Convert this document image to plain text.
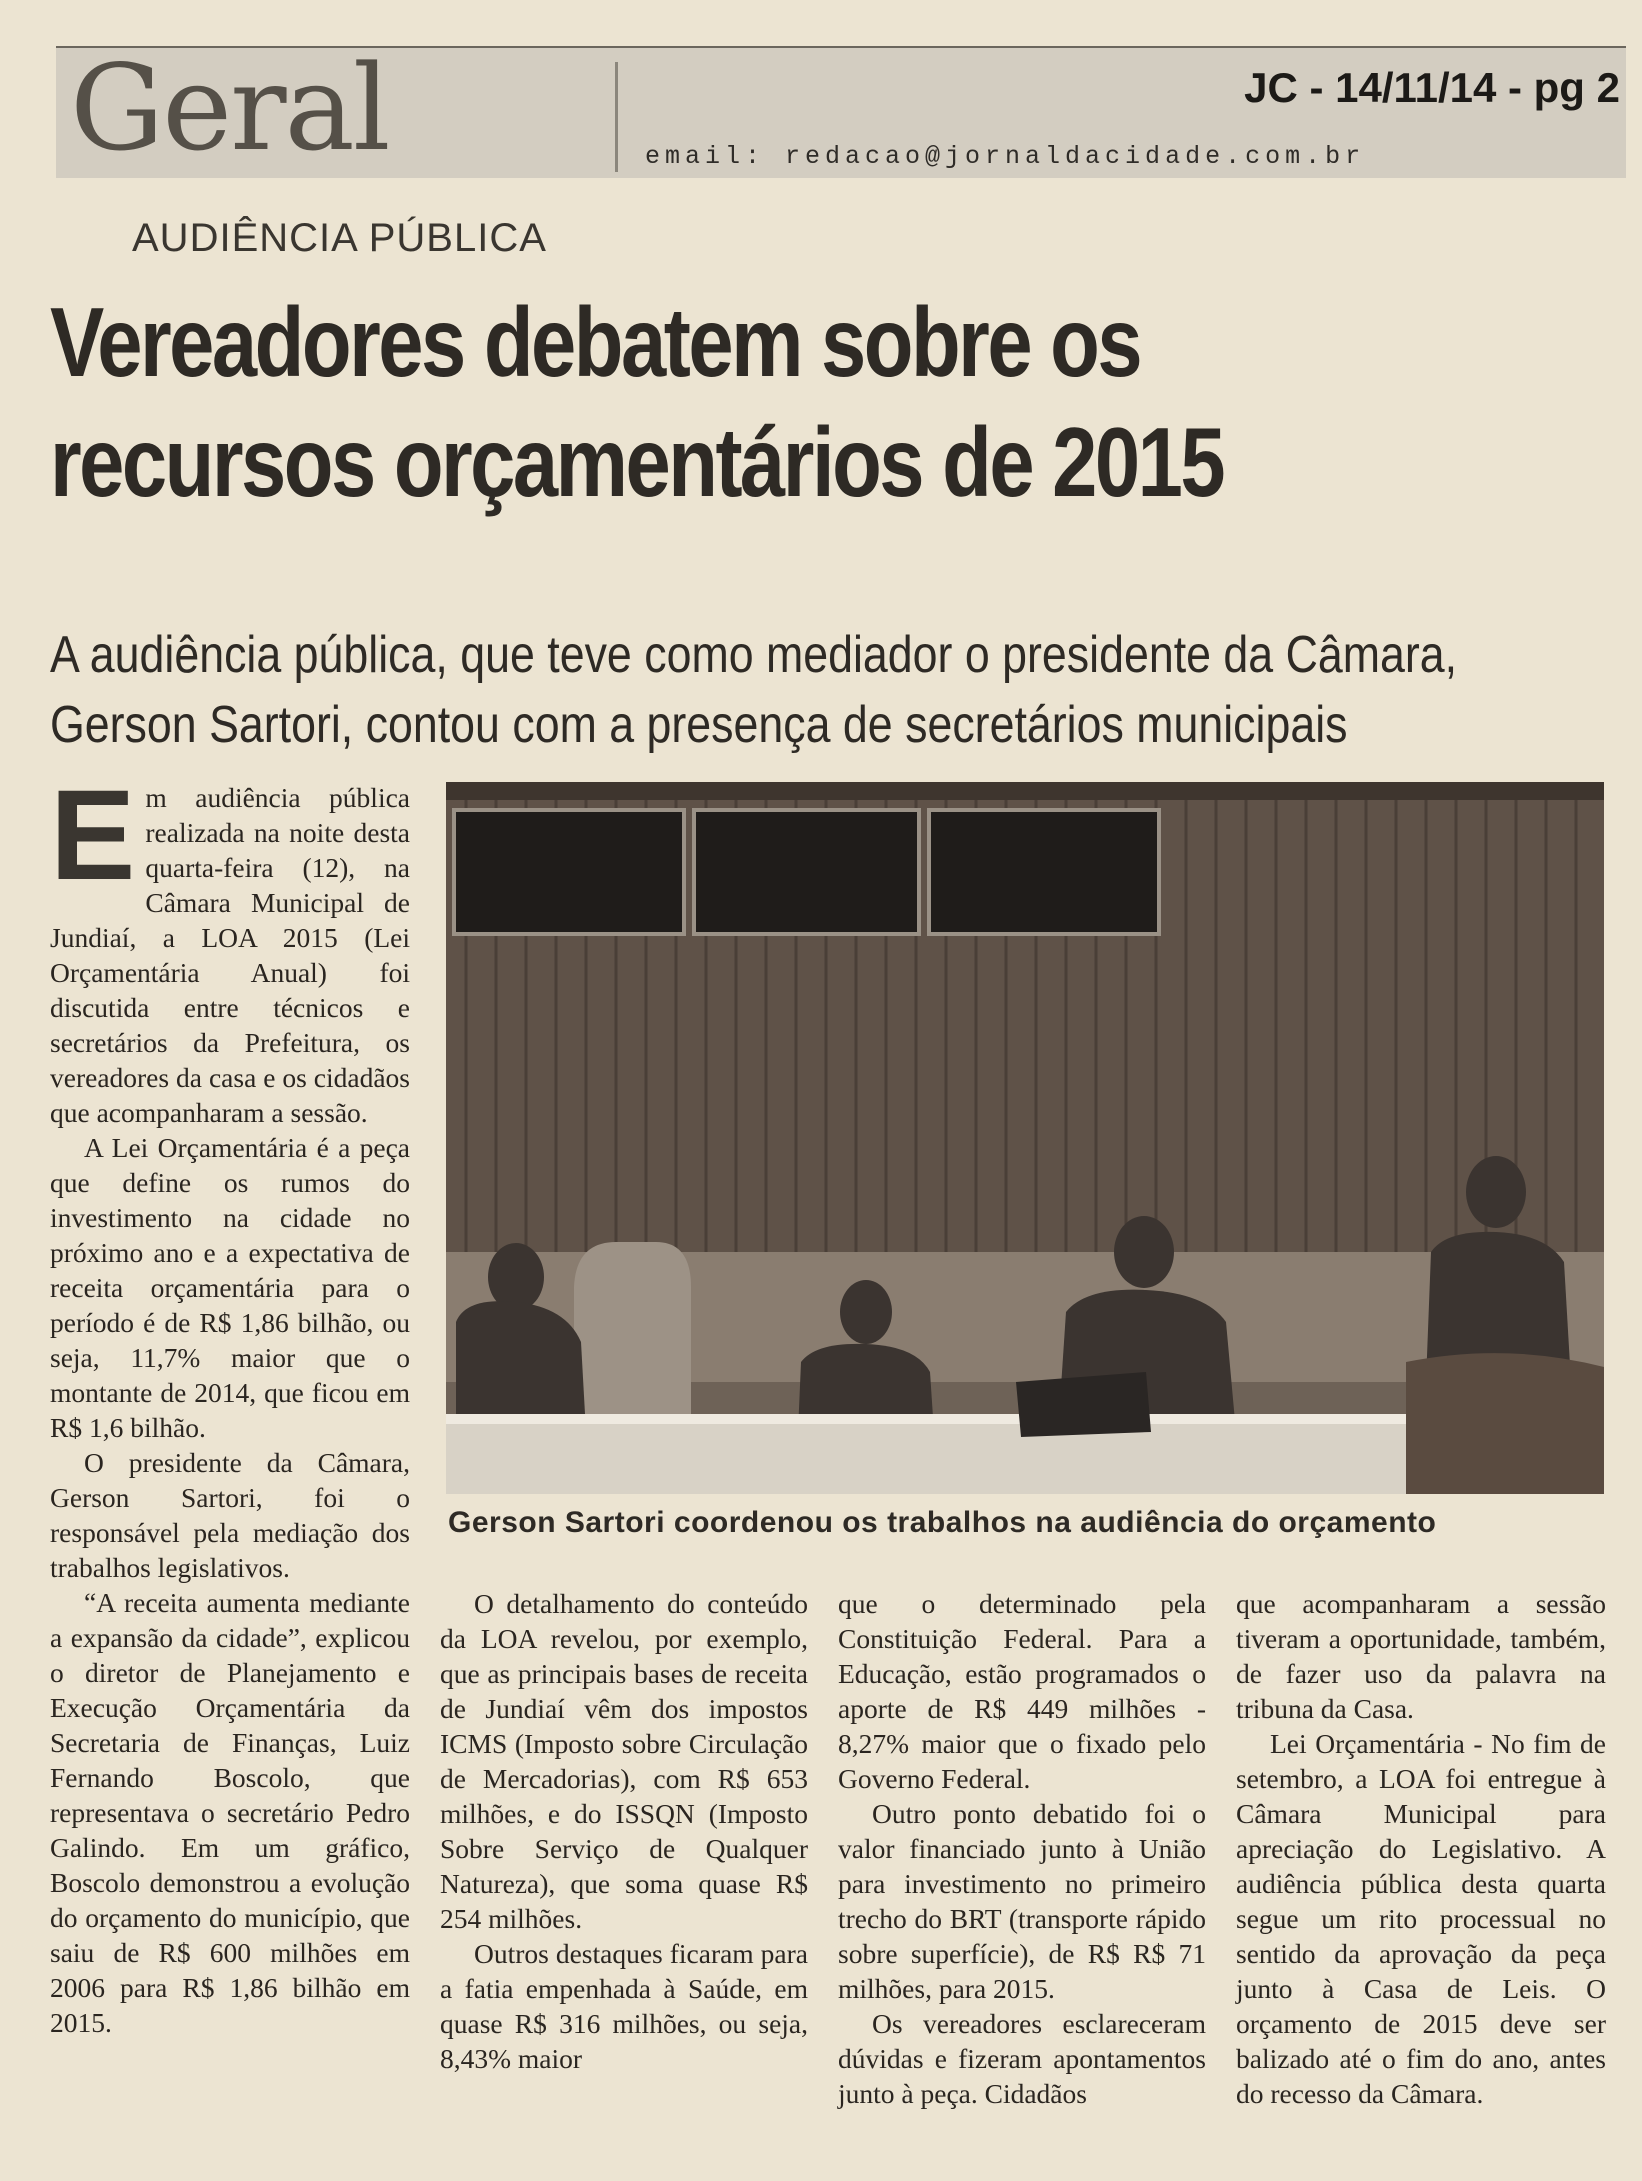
Geral	JC - 14/11/14 - pg 2
email: redacao@jornaldacidade.com.br
AUDIÊNCIA PÚBLICA
Vereadores debatem sobre os
recursos orçamentários de 2015
A audiência pública, que teve como mediador o presidente da Câmara,
Gerson Sartori, contou com a presença de secretários municipais

Em audiência pública realizada na noite desta quarta-feira (12), na Câmara Municipal de Jundiaí, a LOA 2015 (Lei Orçamentária Anual) foi discutida entre técnicos e secretários da Prefeitura, os vereadores da casa e os cidadãos que acompanharam a sessão.

A Lei Orçamentária é a peça que define os rumos do investimento na cidade no próximo ano e a expectativa de receita orçamentária para o período é de R$ 1,86 bilhão, ou seja, 11,7% maior que o montante de 2014, que ficou em R$ 1,6 bilhão.

O presidente da Câmara, Gerson Sartori, foi o responsável pela mediação dos trabalhos legislativos.

“A receita aumenta mediante a expansão da cidade”, explicou o diretor de Planejamento e Execução Orçamentária da Secretaria de Finanças, Luiz Fernando Boscolo, que representava o secretário Pedro Galindo. Em um gráfico, Boscolo demonstrou a evolução do orçamento do município, que saiu de R$ 600 milhões em 2006 para R$ 1,86 bilhão em 2015.

Gerson Sartori coordenou os trabalhos na audiência do orçamento

O detalhamento do conteúdo da LOA revelou, por exemplo, que as principais bases de receita de Jundiaí vêm dos impostos ICMS (Imposto sobre Circulação de Mercadorias), com R$ 653 milhões, e do ISSQN (Imposto Sobre Serviço de Qualquer Natureza), que soma quase R$ 254 milhões.

Outros destaques ficaram para a fatia empenhada à Saúde, em quase R$ 316 milhões, ou seja, 8,43% maior

que o determinado pela Constituição Federal. Para a Educação, estão programados o aporte de R$ 449 milhões - 8,27% maior que o fixado pelo Governo Federal.

Outro ponto debatido foi o valor financiado junto à União para investimento no primeiro trecho do BRT (transporte rápido sobre superfície), de R$ R$ 71 milhões, para 2015.

Os vereadores esclareceram dúvidas e fizeram apontamentos junto à peça. Cidadãos

que acompanharam a sessão tiveram a oportunidade, também, de fazer uso da palavra na tribuna da Casa.

Lei Orçamentária - No fim de setembro, a LOA foi entregue à Câmara Municipal para apreciação do Legislativo. A audiência pública desta quarta segue um rito processual no sentido da aprovação da peça junto à Casa de Leis. O orçamento de 2015 deve ser balizado até o fim do ano, antes do recesso da Câmara.
